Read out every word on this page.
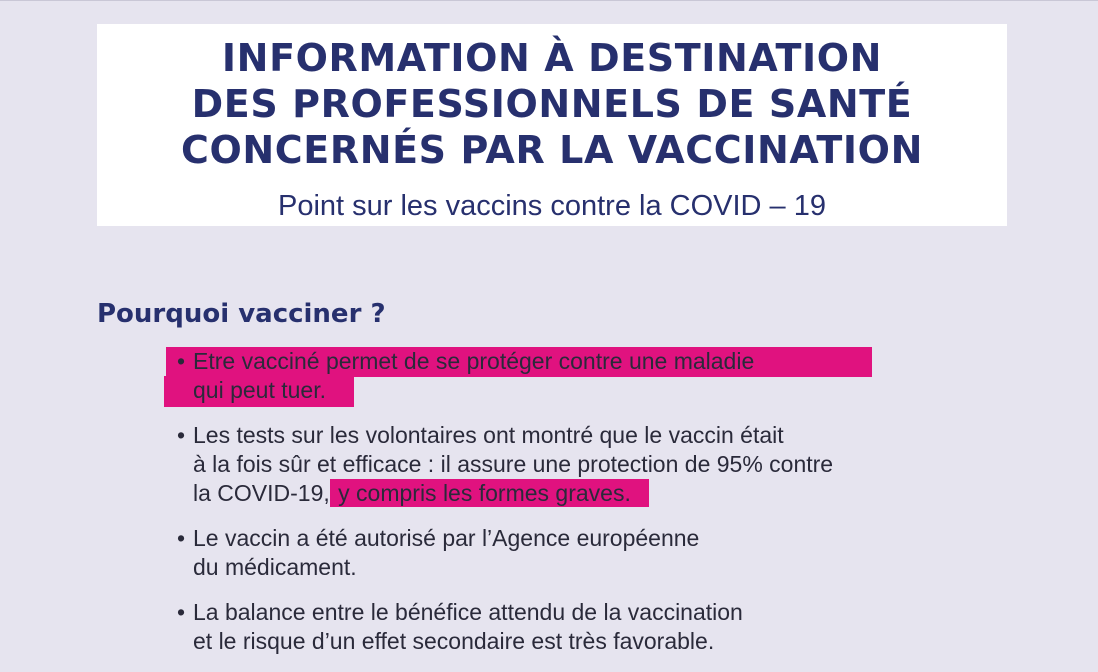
INFORMATION À DESTINATION

DES PROFESSIONNELS DE SANTÉ

CONCERNÉS PAR LA VACCINATION

Point sur les vaccins contre la COVID – 19
Pourquoi vacciner ?
• Etre vacciné permet de se protéger contre une maladie
qui peut tuer.
• Les tests sur les volontaires ont montré que le vaccin était
à la fois sûr et efficace : il assure une protection de 95% contre
la COVID-19, y compris les formes graves.
• Le vaccin a été autorisé par l’Agence européenne
du médicament.
• La balance entre le bénéfice attendu de la vaccination
et le risque d’un effet secondaire est très favorable.
